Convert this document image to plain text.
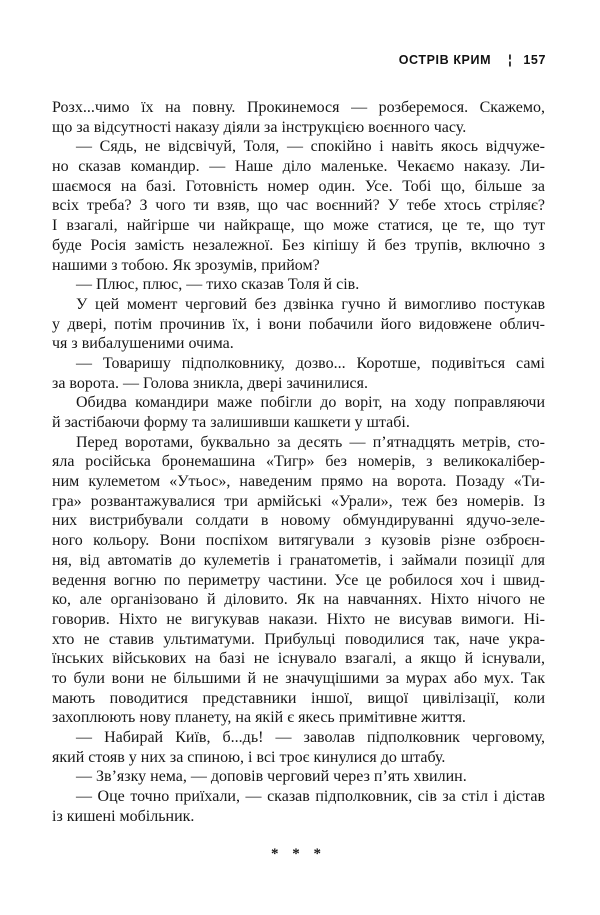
ОСТРІВ КРИМ ¦ 157
Розх...чимо їх на повну. Прокинемося — розберемося. Скажемо,
що за відсутності наказу діяли за інструкцією воєнного часу.
— Сядь, не відсвічуй, Толя, — спокійно і навіть якось відчуже-
но сказав командир. — Наше діло маленьке. Чекаємо наказу. Ли-
шаємося на базі. Готовність номер один. Усе. Тобі що, більше за
всіх треба? З чого ти взяв, що час воєнний? У тебе хтось стріляє?
І взагалі, найгірше чи найкраще, що може статися, це те, що тут
буде Росія замість незалежної. Без кіпішу й без трупів, включно з
нашими з тобою. Як зрозумів, прийом?
— Плюс, плюс, — тихо сказав Толя й сів.
У цей момент черговий без дзвінка гучно й вимогливо постукав
у двері, потім прочинив їх, і вони побачили його видовжене облич-
чя з вибалушеними очима.
— Товаришу підполковнику, дозво... Коротше, подивіться самі
за ворота. — Голова зникла, двері зачинилися.
Обидва командири маже побігли до воріт, на ходу поправляючи
й застібаючи форму та залишивши кашкети у штабі.
Перед воротами, буквально за десять — п’ятнадцять метрів, сто-
яла російська бронемашина «Тигр» без номерів, з великокалібер-
ним кулеметом «Утьос», наведеним прямо на ворота. Позаду «Ти-
гра» розвантажувалися три армійські «Урали», теж без номерів. Із
них вистрибували солдати в новому обмундируванні ядучо-зеле-
ного кольору. Вони поспіхом витягували з кузовів різне озброєн-
ня, від автоматів до кулеметів і гранатометів, і займали позиції для
ведення вогню по периметру частини. Усе це робилося хоч і швид-
ко, але організовано й діловито. Як на навчаннях. Ніхто нічого не
говорив. Ніхто не вигукував накази. Ніхто не висував вимоги. Ні-
хто не ставив ультиматуми. Прибульці поводилися так, наче укра-
їнських військових на базі не існувало взагалі, а якщо й існували,
то були вони не більшими й не значущішими за мурах або мух. Так
мають поводитися представники іншої, вищої цивілізації, коли
захоплюють нову планету, на якій є якесь примітивне життя.
— Набирай Київ, б...дь! — заволав підполковник черговому,
який стояв у них за спиною, і всі троє кинулися до штабу.
— Зв’язку нема, — доповів черговий через п’ять хвилин.
— Оце точно приїхали, — сказав підполковник, сів за стіл і дістав
із кишені мобільник.
* * *
